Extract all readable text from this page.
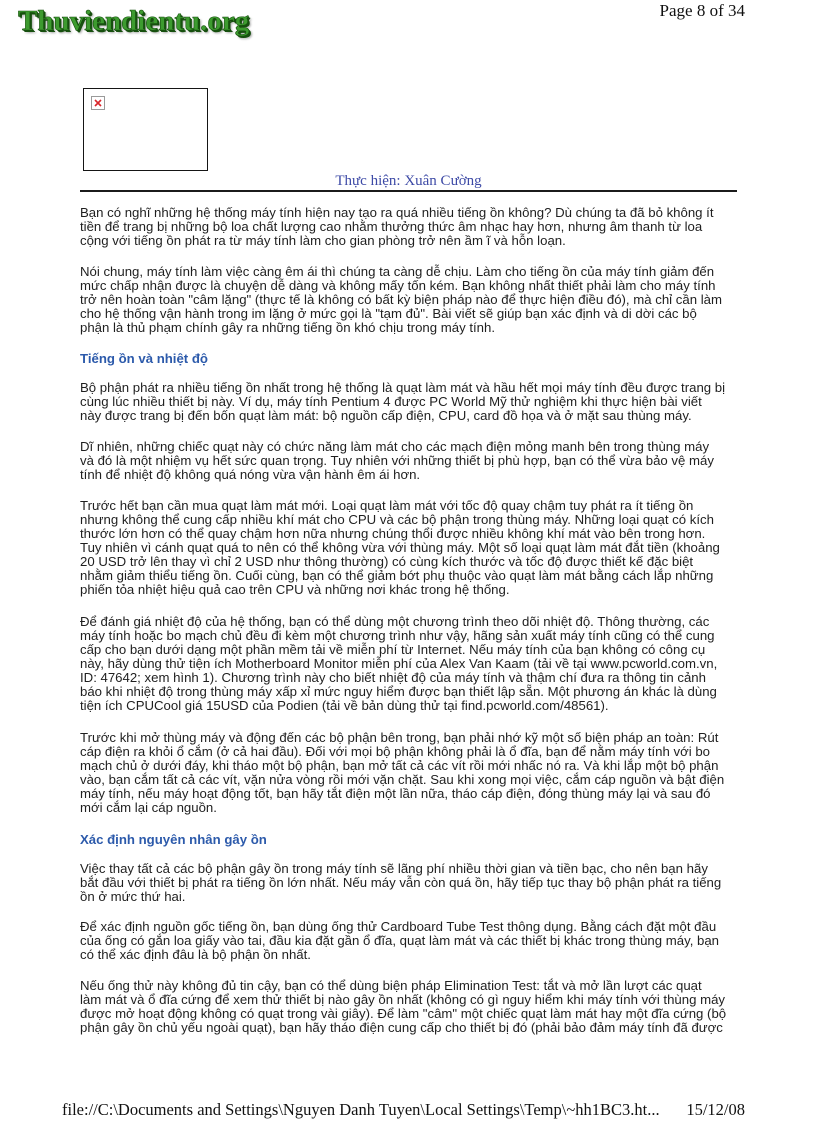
Thuviendientu.org	Page 8 of 34
Thực hiện: Xuân Cường
Bạn có nghĩ những hệ thống máy tính hiện nay tạo ra quá nhiều tiếng ồn không? Dù chúng ta đã bỏ không ít
tiền để trang bị những bộ loa chất lượng cao nhằm thưởng thức âm nhạc hay hơn, nhưng âm thanh từ loa
cộng với tiếng ồn phát ra từ máy tính làm cho gian phòng trở nên ầm ĩ và hỗn loạn.
Nói chung, máy tính làm việc càng êm ái thì chúng ta càng dễ chịu. Làm cho tiếng ồn của máy tính giảm đến
mức chấp nhận được là chuyện dễ dàng và không mấy tốn kém. Bạn không nhất thiết phải làm cho máy tính
trở nên hoàn toàn "câm lặng" (thực tế là không có bất kỳ biện pháp nào để thực hiện điều đó), mà chỉ cần làm
cho hệ thống vận hành trong im lặng ở mức gọi là "tạm đủ". Bài viết sẽ giúp bạn xác định và di dời các bộ
phận là thủ phạm chính gây ra những tiếng ồn khó chịu trong máy tính.
Tiếng ồn và nhiệt độ
Bộ phận phát ra nhiều tiếng ồn nhất trong hệ thống là quạt làm mát và hầu hết mọi máy tính đều được trang bị
cùng lúc nhiều thiết bị này. Ví dụ, máy tính Pentium 4 được PC World Mỹ thử nghiệm khi thực hiện bài viết
này được trang bị đến bốn quạt làm mát: bộ nguồn cấp điện, CPU, card đồ họa và ở mặt sau thùng máy.
Dĩ nhiên, những chiếc quạt này có chức năng làm mát cho các mạch điện mỏng manh bên trong thùng máy
và đó là một nhiệm vụ hết sức quan trọng. Tuy nhiên với những thiết bị phù hợp, bạn có thể vừa bảo vệ máy
tính để nhiệt độ không quá nóng vừa vận hành êm ái hơn.
Trước hết bạn cần mua quạt làm mát mới. Loại quạt làm mát với tốc độ quay chậm tuy phát ra ít tiếng ồn
nhưng không thể cung cấp nhiều khí mát cho CPU và các bộ phận trong thùng máy. Những loại quạt có kích
thước lớn hơn có thể quay chậm hơn nữa nhưng chúng thổi được nhiều không khí mát vào bên trong hơn.
Tuy nhiên vì cánh quạt quá to nên có thể không vừa với thùng máy. Một số loại quạt làm mát đắt tiền (khoảng
20 USD trở lên thay vì chỉ 2 USD như thông thường) có cùng kích thước và tốc độ được thiết kế đặc biệt
nhằm giảm thiểu tiếng ồn. Cuối cùng, bạn có thể giảm bớt phụ thuộc vào quạt làm mát bằng cách lắp những
phiến tỏa nhiệt hiệu quả cao trên CPU và những nơi khác trong hệ thống.
Để đánh giá nhiệt độ của hệ thống, bạn có thể dùng một chương trình theo dõi nhiệt độ. Thông thường, các
máy tính hoặc bo mạch chủ đều đi kèm một chương trình như vậy, hãng sản xuất máy tính cũng có thể cung
cấp cho bạn dưới dạng một phần mềm tải về miễn phí từ Internet. Nếu máy tính của bạn không có công cụ
này, hãy dùng thử tiện ích Motherboard Monitor miễn phí của Alex Van Kaam (tải về tại www.pcworld.com.vn,
ID: 47642; xem hình 1). Chương trình này cho biết nhiệt độ của máy tính và thậm chí đưa ra thông tin cảnh
báo khi nhiệt độ trong thùng máy xấp xỉ mức nguy hiểm được bạn thiết lập sẵn. Một phương án khác là dùng
tiện ích CPUCool giá 15USD của Podien (tải về bản dùng thử tại find.pcworld.com/48561).
Trước khi mở thùng máy và động đến các bộ phận bên trong, bạn phải nhớ kỹ một số biện pháp an toàn: Rút
cáp điện ra khỏi ổ cắm (ở cả hai đầu). Đối với mọi bộ phận không phải là ổ đĩa, bạn để nằm máy tính với bo
mạch chủ ở dưới đáy, khi tháo một bộ phận, bạn mở tất cả các vít rồi mới nhấc nó ra. Và khi lắp một bộ phận
vào, bạn cắm tất cả các vít, vặn nửa vòng rồi mới vặn chặt. Sau khi xong mọi việc, cắm cáp nguồn và bật điện
máy tính, nếu máy hoạt động tốt, bạn hãy tắt điện một lần nữa, tháo cáp điện, đóng thùng máy lại và sau đó
mới cắm lại cáp nguồn.
Xác định nguyên nhân gây ồn
Việc thay tất cả các bộ phận gây ồn trong máy tính sẽ lãng phí nhiều thời gian và tiền bạc, cho nên bạn hãy
bắt đầu với thiết bị phát ra tiếng ồn lớn nhất. Nếu máy vẫn còn quá ồn, hãy tiếp tục thay bộ phận phát ra tiếng
ồn ở mức thứ hai.
Để xác định nguồn gốc tiếng ồn, bạn dùng ống thử Cardboard Tube Test thông dụng. Bằng cách đặt một đầu
của ống có gắn loa giấy vào tai, đầu kia đặt gần ổ đĩa, quạt làm mát và các thiết bị khác trong thùng máy, bạn
có thể xác định đâu là bộ phận ồn nhất.
Nếu ống thử này không đủ tin cậy, bạn có thể dùng biện pháp Elimination Test: tắt và mở lần lượt các quạt
làm mát và ổ đĩa cứng để xem thử thiết bị nào gây ồn nhất (không có gì nguy hiểm khi máy tính với thùng máy
được mở hoạt động không có quạt trong vài giây). Để làm "câm" một chiếc quạt làm mát hay một đĩa cứng (bộ
phận gây ồn chủ yếu ngoài quạt), bạn hãy tháo điện cung cấp cho thiết bị đó (phải bảo đảm máy tính đã được
file://C:\Documents and Settings\Nguyen Danh Tuyen\Local Settings\Temp\~hh1BC3.ht... 15/12/08
